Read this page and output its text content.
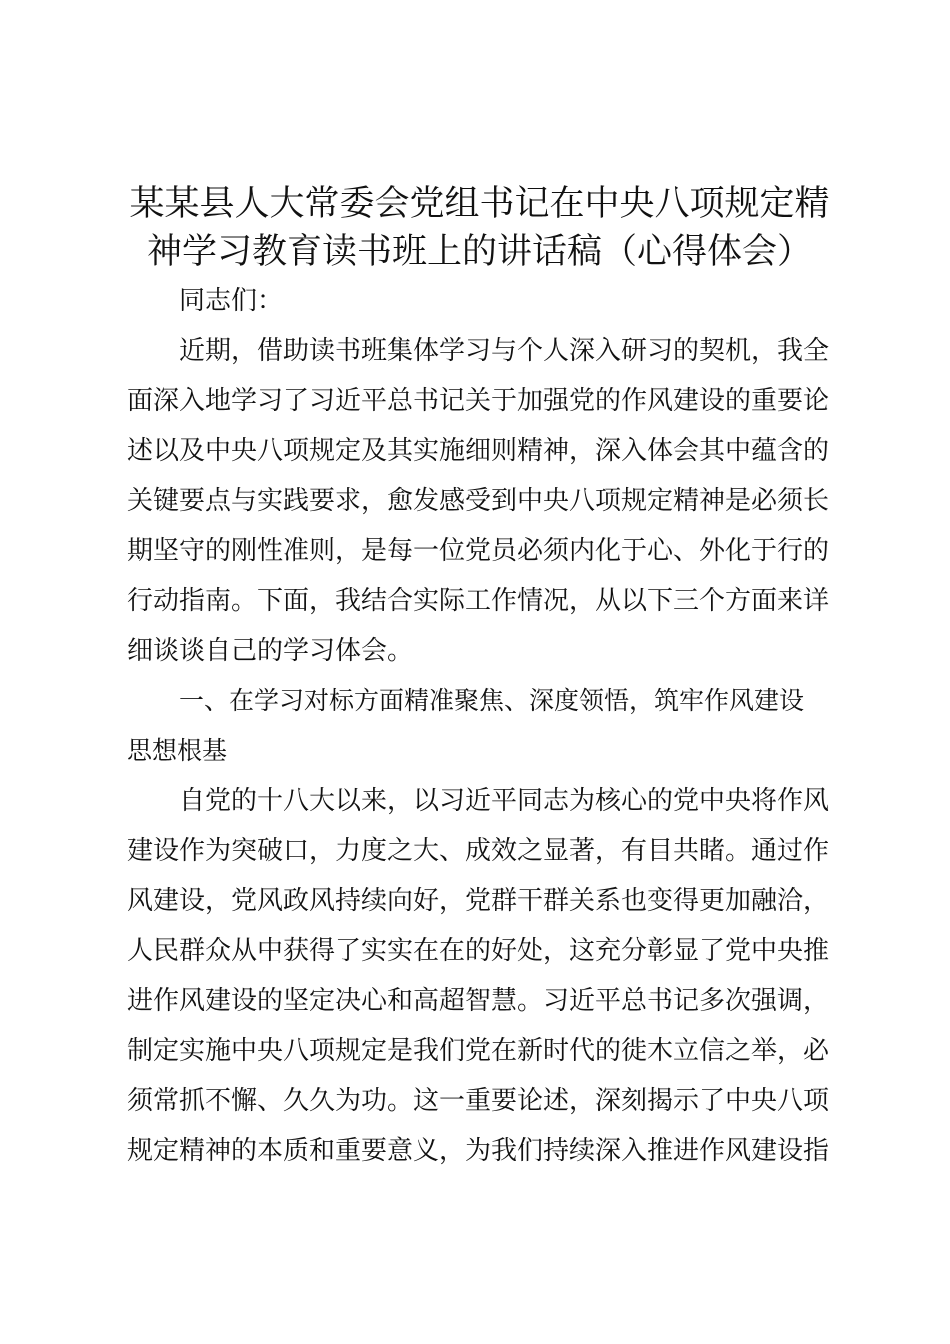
某某县人大常委会党组书记在中央八项规定精
神学习教育读书班上的讲话稿（心得体会）
同志们：
近期，借助读书班集体学习与个人深入研习的契机，我全
面深入地学习了习近平总书记关于加强党的作风建设的重要论
述以及中央八项规定及其实施细则精神，深入体会其中蕴含的
关键要点与实践要求，愈发感受到中央八项规定精神是必须长
期坚守的刚性准则，是每一位党员必须内化于心、外化于行的
行动指南。下面，我结合实际工作情况，从以下三个方面来详
细谈谈自己的学习体会。
一、在学习对标方面精准聚焦、深度领悟，筑牢作风建设
思想根基
自党的十八大以来，以习近平同志为核心的党中央将作风
建设作为突破口，力度之大、成效之显著，有目共睹。通过作
风建设，党风政风持续向好，党群干群关系也变得更加融洽，
人民群众从中获得了实实在在的好处，这充分彰显了党中央推
进作风建设的坚定决心和高超智慧。习近平总书记多次强调，
制定实施中央八项规定是我们党在新时代的徙木立信之举，必
须常抓不懈、久久为功。这一重要论述，深刻揭示了中央八项
规定精神的本质和重要意义，为我们持续深入推进作风建设指
